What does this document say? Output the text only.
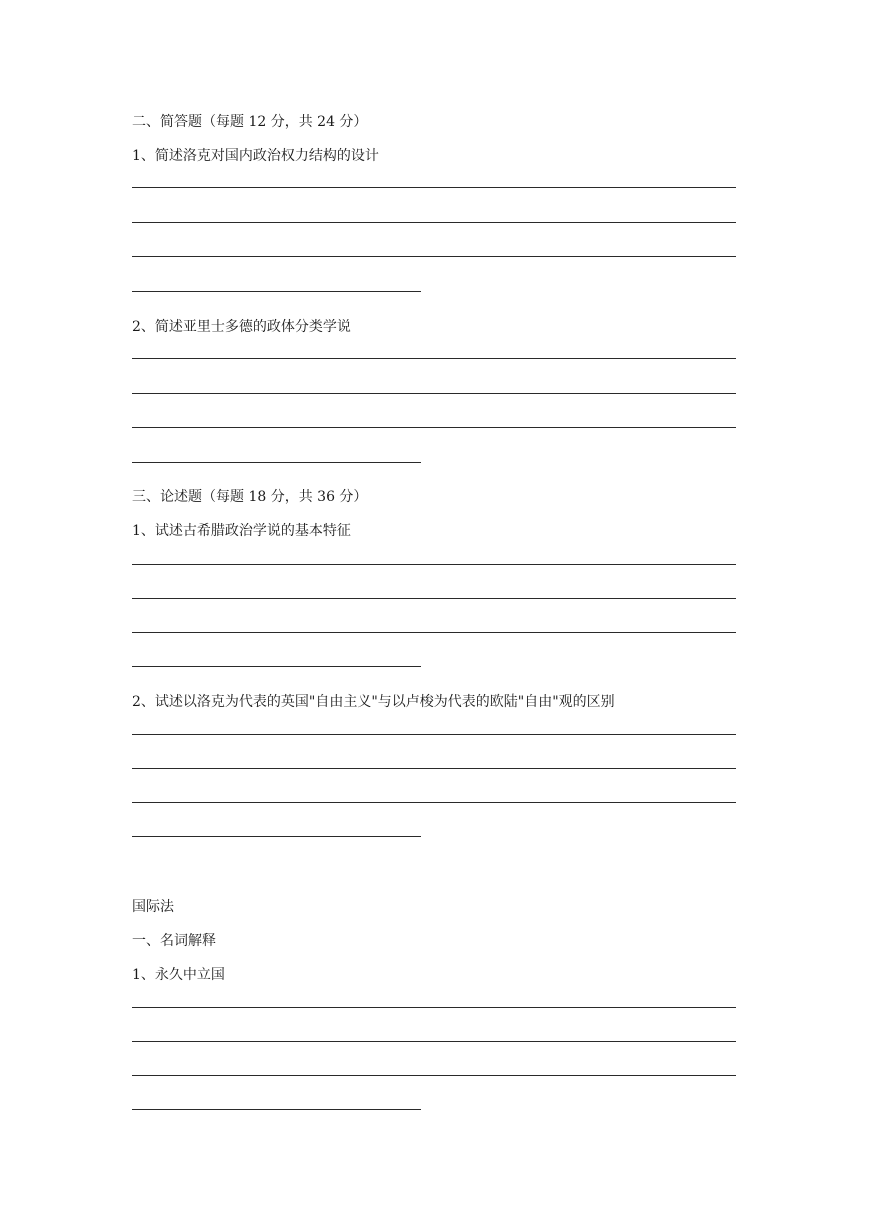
二、简答题（每题 12 分，共 24 分）
1、简述洛克对国内政治权力结构的设计
2、简述亚里士多德的政体分类学说
三、论述题（每题 18 分，共 36 分）
1、试述古希腊政治学说的基本特征
2、试述以洛克为代表的英国"自由主义"与以卢梭为代表的欧陆"自由"观的区别
国际法
一、名词解释
1、永久中立国
